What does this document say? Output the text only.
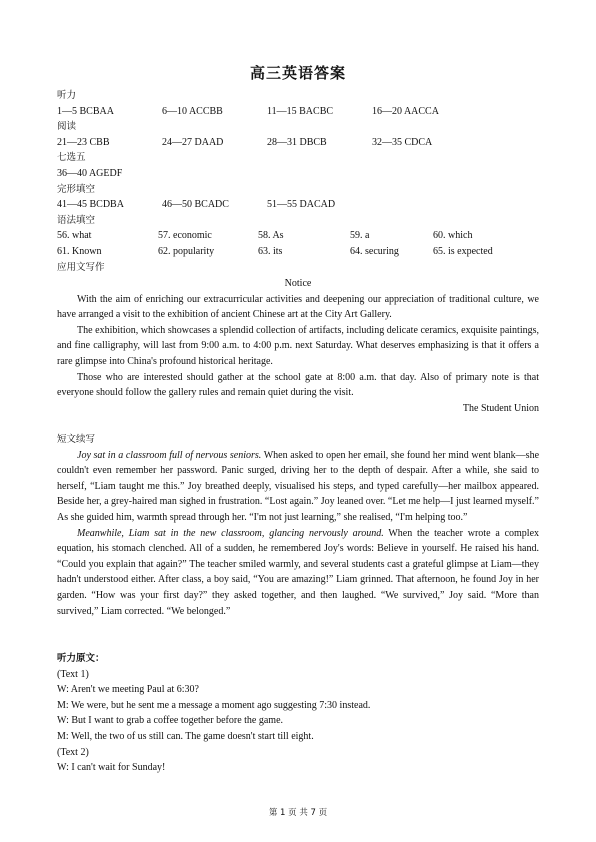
高三英语答案
听力
1—5 BCBAA	6—10 ACCBB	11—15 BACBC	16—20 AACCA
阅读
21—23 CBB	24—27 DAAD	28—31 DBCB	32—35 CDCA
七选五
36—40 AGEDF
完形填空
41—45 BCDBA	46—50 BCADC	51—55 DACAD
语法填空
56. what	57. economic	58. As	59. a	60. which
61. Known	62. popularity	63. its	64. securing	65. is expected
应用文写作
Notice

With the aim of enriching our extracurricular activities and deepening our appreciation of traditional culture, we have arranged a visit to the exhibition of ancient Chinese art at the City Art Gallery.

The exhibition, which showcases a splendid collection of artifacts, including delicate ceramics, exquisite paintings, and fine calligraphy, will last from 9:00 a.m. to 4:00 p.m. next Saturday. What deserves emphasizing is that it offers a rare glimpse into China's profound historical heritage.

Those who are interested should gather at the school gate at 8:00 a.m. that day. Also of primary note is that everyone should follow the gallery rules and remain quiet during the visit.

The Student Union
短文续写

Joy sat in a classroom full of nervous seniors. When asked to open her email, she found her mind went blank—she couldn't even remember her password. Panic surged, driving her to the depth of despair. After a while, she said to herself, “Liam taught me this.” Joy breathed deeply, visualised his steps, and typed carefully—her mailbox appeared. Beside her, a grey-haired man sighed in frustration. “Lost again.” Joy leaned over. “Let me help—I just learned myself.” As she guided him, warmth spread through her. “I'm not just learning,” she realised, “I'm helping too.”

Meanwhile, Liam sat in the new classroom, glancing nervously around. When the teacher wrote a complex equation, his stomach clenched. All of a sudden, he remembered Joy's words: Believe in yourself. He raised his hand. “Could you explain that again?” The teacher smiled warmly, and several students cast a grateful glimpse at Liam—they hadn't understood either. After class, a boy said, “You are amazing!” Liam grinned. That afternoon, he found Joy in her garden. “How was your first day?” they asked together, and then laughed. “We survived,” Joy said. “More than survived,” Liam corrected. “We belonged.”

听力原文：
(Text 1)
W: Aren't we meeting Paul at 6:30?
M: We were, but he sent me a message a moment ago suggesting 7:30 instead.
W: But I want to grab a coffee together before the game.
M: Well, the two of us still can. The game doesn't start till eight.
(Text 2)
W: I can't wait for Sunday!
第 1 页 共 7 页
